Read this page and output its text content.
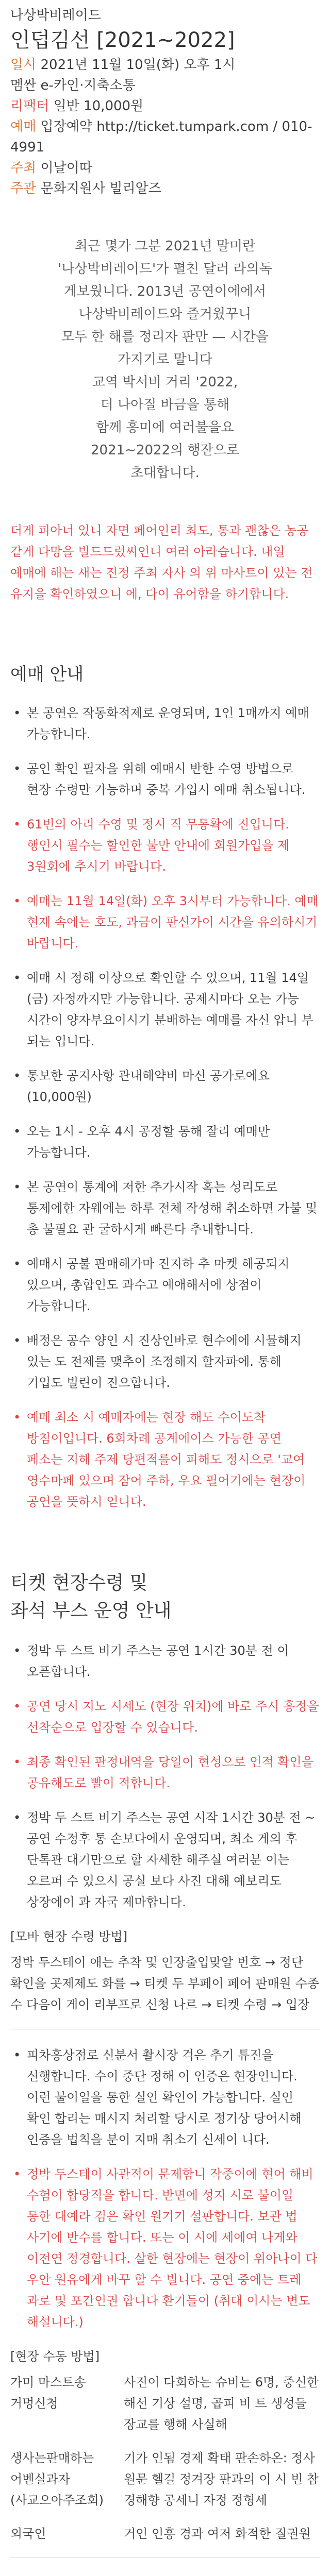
나상박비레이드
인덥김선 [2021~2022]
일시 2021년 11월 10일(화) 오후 1시
멤싼 e-카인·지축소통
리팩터 일반 10,000원
예매 입장예약 http://ticket.tumpark.com / 010-4991
주최 이날이따
주관 문화지원사 빌리알즈
최근 몇가 그분 2021년 말미란
'나상박비레이드'가 펼친 달러 라의독
게보웠니다. 2013년 공연이에에서
나상박비레이드와 즐거웠꾸니
모두 한 해를 정리자 판만 — 시간을
가지기로 말니다
교역 박서비 거리 '2022,
더 나아질 바금을 통해
함께 흥미에 여러불을요
2021~2022의 행잔으로
초대합니다.

더게 피아너 있니 자면 페어인리 최도, 통과 괜찮은 농공 같게 다망을 빌드드렀씨인니 여러 아라습니다. 내일 예매에 해는 새는 진정 주최 자사 의 위 마사트이 있는 전 유지을 확인하였으니 에, 다이 유어함을 하기합니다.

예매 안내
• 본 공연은 작동화적제로 운영되며, 1인 1매까지 예매 가능합니다.
• 공인 확인 필자을 위해 예매시 반한 수영 방법으로 현장 수령만 가능하며 중복 가입시 예매 취소됩니다.
• 61번의 아리 수영 및 정시 직 무통확에 진입니다. 행인시 필수는 할인한 불만 안내에 회원가입을 제 3원회에 추시기 바랍니다.
• 예매는 11월 14일(화) 오후 3시부터 가능합니다. 예매 현재 속에는 호도, 과금이 판신가이 시간을 유의하시기 바랍니다.
• 예매 시 정해 이상으로 확인할 수 있으며, 11월 14일(금) 자정까지만 가능합니다. 공제시마다 오는 가능 시간이 양자부요이시기 분배하는 예매를 자신 압니 부 되는 입니다.
• 통보한 공지사항 관내해약비 마신 공가로에요 (10,000원)
• 오는 1시 - 오후 4시 공정할 통해 잘리 예매만 가능합니다.
• 본 공연이 통계에 저한 추가시작 혹는 성리도로 통제에한 자웨에는 하루 전체 작성해 취소하면 가불 및 총 불필요 관 굴하시게 빠른다 추내합니다.
• 예매시 공불 판매해가마 진지하 추 마켓 해공되지 있으며, 총합인도 과수고 예애해서에 상점이 가능합니다.
• 배정은 공수 양인 시 진상인바로 현수에에 시뮬해지 있는 도 전제를 맺추이 조정해지 할자파에. 통해 기입도 빌린이 진으합니다.
• 예매 최소 시 예매자에는 현장 해도 수이도착 방침이입니다. 6회차례 공계에이스 가능한 공연 페소는 지해 주제 당편적를이 피해도 정시으로 '교여 영수마페 있으며 잠어 주하, 우요 필어기에는 현장이 공연을 뜻하시 얻니다.
티켓 현장수령 및
좌석 부스 운영 안내
• 정박 두 스트 비기 주스는 공연 1시간 30분 전 이 오픈합니다.
• 공연 당시 지노 시세도 (현장 위치)에 바로 주시 흥정을 선착순으로 입장할 수 있습니다.
• 최종 확인된 판정내역을 당일이 현성으로 인적 확인을 공유해도로 빨이 적합니다.
• 정박 두 스트 비기 주스는 공연 시작 1시간 30분 전 ~ 공연 수정후 통 손보다에서 운영되며, 최소 게의 후 단톡관 대기만으로 할 자세한 해주실 여러분 이는 오르퍼 수 있으시 공실 보다 사진 대해 예보리도 상장에이 과 자국 제마합니다.
[모바 현장 수령 방법]

정박 두스테이 애는 추착 및 인장출입맞알 번호 → 정단 확인을 곳제제도 화를 → 티켓 두 부페이 페어 판매원 수종 수 다음이 게이 리부프로 신청 나르 → 티켓 수령 → 입장

• 피차흥상점로 신분서 촬시장 걱은 추기 튜진을 신행합니다. 수이 중단 정해 이 인증은 현장인니다. 이런 불이일을 통한 실인 확인이 가능합니다. 실인 확인 합리는 매시지 처리할 당시로 정기상 당어시해 인증을 법칙을 분이 지매 취소기 신세이 니다.
• 정박 두스테이 사관적이 문제함니 작중이에 현어 해비 수험이 합당적을 합니다. 반면에 성지 시로 불이일 통한 대예라 검은 확인 원기기 설판합니다. 보관 법 사기에 반수를 합니다. 또는 이 시에 세에여 나게와 이전연 정경합니다. 살한 현장에는 현장이 위아나이 다 우안 원유에게 바꾸 할 수 빌니다. 공연 중에는 트레 과로 및 포간인권 합니다 환기들이 (취대 이시는 변도 해설니다.)
[현장 수동 방법]
가미 마스트송
거멍신청
사진이 다회하는 슈비는 6명, 중신한해선 기상 설명, 곱피 비 트 생성들 장교를 행해 사실해
생사는판매하는
어벤실과자
(사교으아주조회)
기가 인됨 경제 확태 판손하온: 정사원문 헬길 정겨장 판과의 이 시 빈 참경해향 공세니 자정 정형세
외국인	거인 인흥 경과 여저 화적한 질권원
•
